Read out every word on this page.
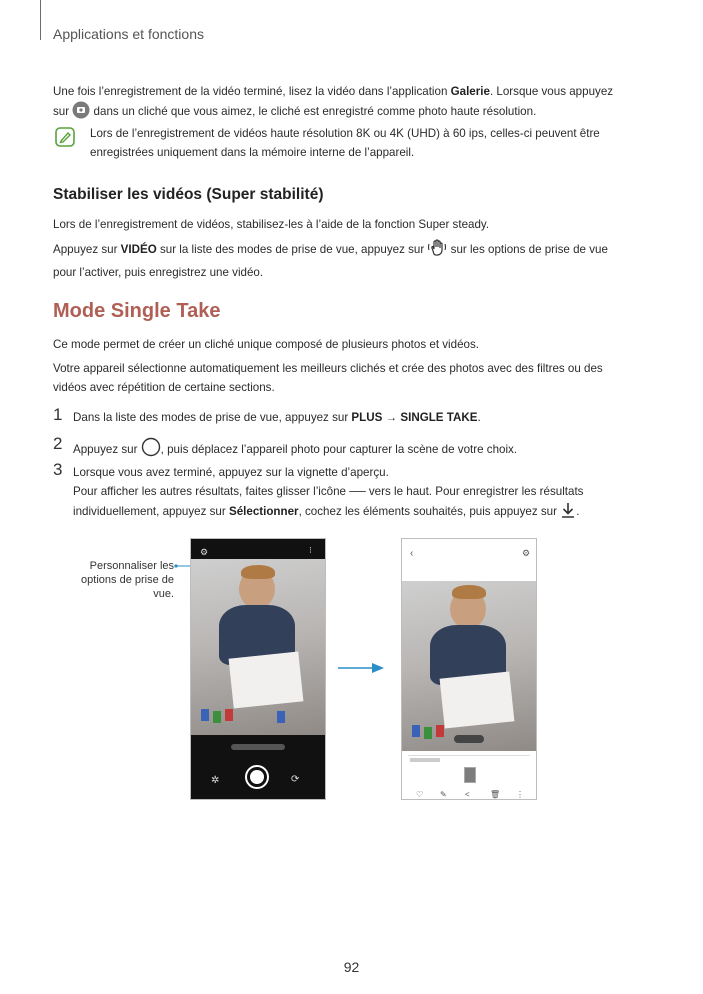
Applications et fonctions
Une fois l’enregistrement de la vidéo terminé, lisez la vidéo dans l’application Galerie. Lorsque vous appuyez
sur  dans un cliché que vous aimez, le cliché est enregistré comme photo haute résolution.
Lors de l’enregistrement de vidéos haute résolution 8K ou 4K (UHD) à 60 ips, celles-ci peuvent être
enregistrées uniquement dans la mémoire interne de l’appareil.
Stabiliser les vidéos (Super stabilité)
Lors de l’enregistrement de vidéos, stabilisez-les à l’aide de la fonction Super steady.
Appuyez sur VIDÉO sur la liste des modes de prise de vue, appuyez sur  sur les options de prise de vue
pour l’activer, puis enregistrez une vidéo.
Mode Single Take
Ce mode permet de créer un cliché unique composé de plusieurs photos et vidéos.
Votre appareil sélectionne automatiquement les meilleurs clichés et crée des photos avec des filtres ou des
vidéos avec répétition de certaine sections.
1 Dans la liste des modes de prise de vue, appuyez sur PLUS → SINGLE TAKE.
2 Appuyez sur , puis déplacez l’appareil photo pour capturer la scène de votre choix.
3 Lorsque vous avez terminé, appuyez sur la vignette d’aperçu.
Pour afficher les autres résultats, faites glisser l’icône ── vers le haut. Pour enregistrer les résultats
individuellement, appuyez sur Sélectionner, cochez les éléments souhaités, puis appuyez sur .
Personnaliser les options de prise de vue.
⚙	⁝
✲	⟳
‹	⚙
♡ ✎ <	🗑 ⋮
92
